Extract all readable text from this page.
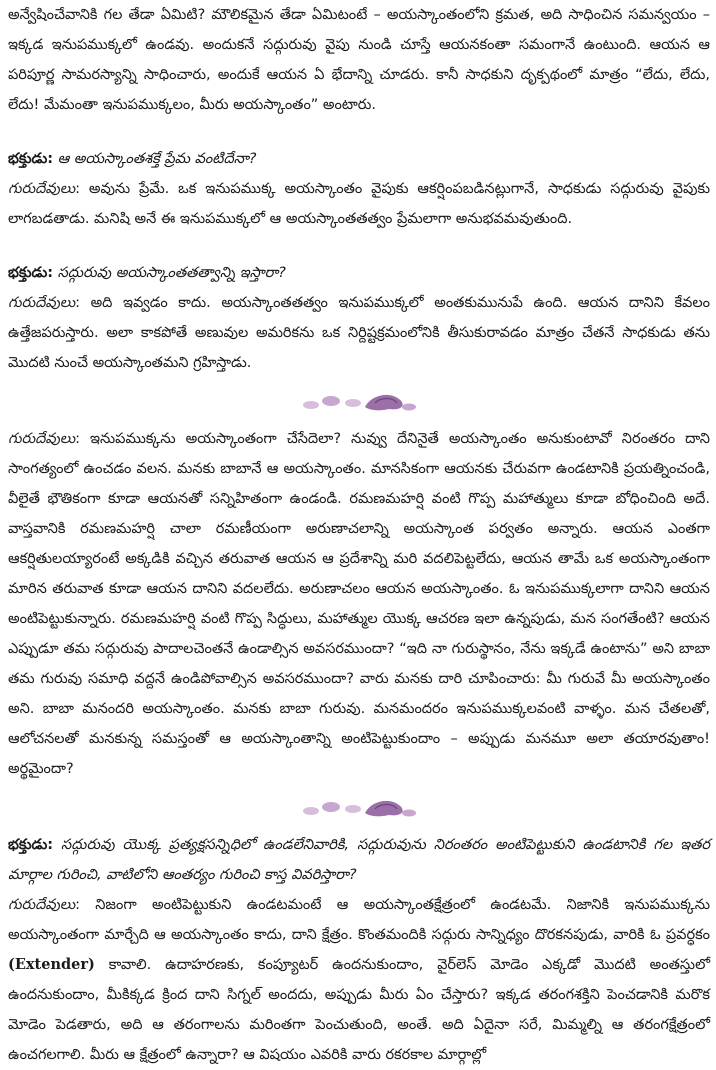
అన్వేషించేవానికి గల తేడా ఏమిటి? మౌలికమైన తేడా ఏమిటంటే – అయస్కాంతంలోని క్రమత, అది సాధించిన సమన్వయం – ఇక్కడ ఇనుపముక్కలో ఉండవు. అందుకనే సద్గురువు వైపు నుండి చూస్తే ఆయనకంతా సమంగానే ఉంటుంది. ఆయన ఆ పరిపూర్ణ సామరస్యాన్ని సాధించారు, అందుకే ఆయన ఏ భేదాన్ని చూడరు. కానీ సాధకుని దృక్పథంలో మాత్రం “లేదు, లేదు, లేదు! మేమంతా ఇనుపముక్కలం, మీరు అయస్కాంతం” అంటారు.

భక్తుడు: ఆ అయస్కాంతశక్తే ప్రేమ వంటిదేనా?

గురుదేవులు: అవును ప్రేమే. ఒక ఇనుపముక్క అయస్కాంతం వైపుకు ఆకర్షింపబడినట్లుగానే, సాధకుడు సద్గురువు వైపుకు లాగబడతాడు. మనిషి అనే ఈ ఇనుపముక్కలో ఆ అయస్కాంతతత్వం ప్రేమలాగా అనుభవమవుతుంది.

భక్తుడు: సద్గురువు అయస్కాంతతత్వాన్ని ఇస్తారా?

గురుదేవులు: అది ఇవ్వడం కాదు. అయస్కాంతతత్వం ఇనుపముక్కలో అంతకుమునుపే ఉంది. ఆయన దానిని కేవలం ఉత్తేజపరుస్తారు. అలా కాకపోతే అణువుల అమరికను ఒక నిర్దిష్టక్రమంలోనికి తీసుకురావడం మాత్రం చేతనే సాధకుడు తను మొదటి నుంచే అయస్కాంతమని గ్రహిస్తాడు.

గురుదేవులు: ఇనుపముక్కను అయస్కాంతంగా చేసేదెలా? నువ్వు దేనినైతే అయస్కాంతం అనుకుంటావో నిరంతరం దాని సాంగత్యంలో ఉంచడం వలన. మనకు బాబానే ఆ అయస్కాంతం. మానసికంగా ఆయనకు చేరువగా ఉండటానికి ప్రయత్నించండి, వీలైతే భౌతికంగా కూడా ఆయనతో సన్నిహితంగా ఉండండి. రమణమహర్షి వంటి గొప్ప మహాత్ములు కూడా బోధించింది అదే. వాస్తవానికి రమణమహర్షి చాలా రమణీయంగా అరుణాచలాన్ని అయస్కాంత పర్వతం అన్నారు. ఆయన ఎంతగా ఆకర్షితులయ్యారంటే అక్కడికి వచ్చిన తరువాత ఆయన ఆ ప్రదేశాన్ని మరి వదలిపెట్టలేదు, ఆయన తామే ఒక అయస్కాంతంగా మారిన తరువాత కూడా ఆయన దానిని వదలలేదు. అరుణాచలం ఆయన అయస్కాంతం. ఓ ఇనుపముక్కలాగా దానిని ఆయన అంటిపెట్టుకున్నారు. రమణమహర్షి వంటి గొప్ప సిద్ధులు, మహాత్ముల యొక్క ఆచరణ ఇలా ఉన్నపుడు, మన సంగతేంటి? ఆయన ఎప్పుడూ తమ సద్గురువు పాదాలచెంతనే ఉండాల్సిన అవసరముందా? “ఇది నా గురుస్థానం, నేను ఇక్కడే ఉంటాను” అని బాబా తమ గురువు సమాధి వద్దనే ఉండిపోవాల్సిన అవసరముందా? వారు మనకు దారి చూపించారు: మీ గురువే మీ అయస్కాంతం అని. బాబా మనందరి అయస్కాంతం. మనకు బాబా గురువు. మనమందరం ఇనుపముక్కలవంటి వాళ్ళం. మన చేతలతో, ఆలోచనలతో మనకున్న సమస్తంతో ఆ అయస్కాంతాన్ని అంటిపెట్టుకుందాం – అప్పుడు మనమూ అలా తయారవుతాం! అర్థమైందా?

భక్తుడు: సద్గురువు యొక్క ప్రత్యక్షసన్నిధిలో ఉండలేనివారికి, సద్గురువును నిరంతరం అంటిపెట్టుకుని ఉండటానికి గల ఇతర మార్గాల గురించి, వాటిలోని ఆంతర్యం గురించి కాస్త వివరిస్తారా?

గురుదేవులు: నిజంగా అంటిపెట్టుకుని ఉండటమంటే ఆ అయస్కాంతక్షేత్రంలో ఉండటమే. నిజానికి ఇనుపముక్కను అయస్కాంతంగా మార్చేది ఆ అయస్కాంతం కాదు, దాని క్షేత్రం. కొంతమందికి సద్గురు సాన్నిధ్యం దొరకనపుడు, వారికి ఓ ప్రవర్ధకం (Extender) కావాలి. ఉదాహరణకు, కంప్యూటర్ ఉందనుకుందాం, వైర్‌లెస్ మోడెం ఎక్కడో మొదటి అంతస్తులో ఉందనుకుందాం, మీకిక్కడ క్రింద దాని సిగ్నల్ అందదు, అప్పుడు మీరు ఏం చేస్తారు? ఇక్కడ తరంగశక్తిని పెంచడానికి మరొక మోడెం పెడతారు, అది ఆ తరంగాలను మరింతగా పెంచుతుంది, అంతే. అది ఏదైనా సరే, మిమ్మల్ని ఆ తరంగక్షేత్రంలో ఉంచగలగాలి. మీరు ఆ క్షేత్రంలో ఉన్నారా? ఆ విషయం ఎవరికి వారు రకరకాల మార్గాల్లో
